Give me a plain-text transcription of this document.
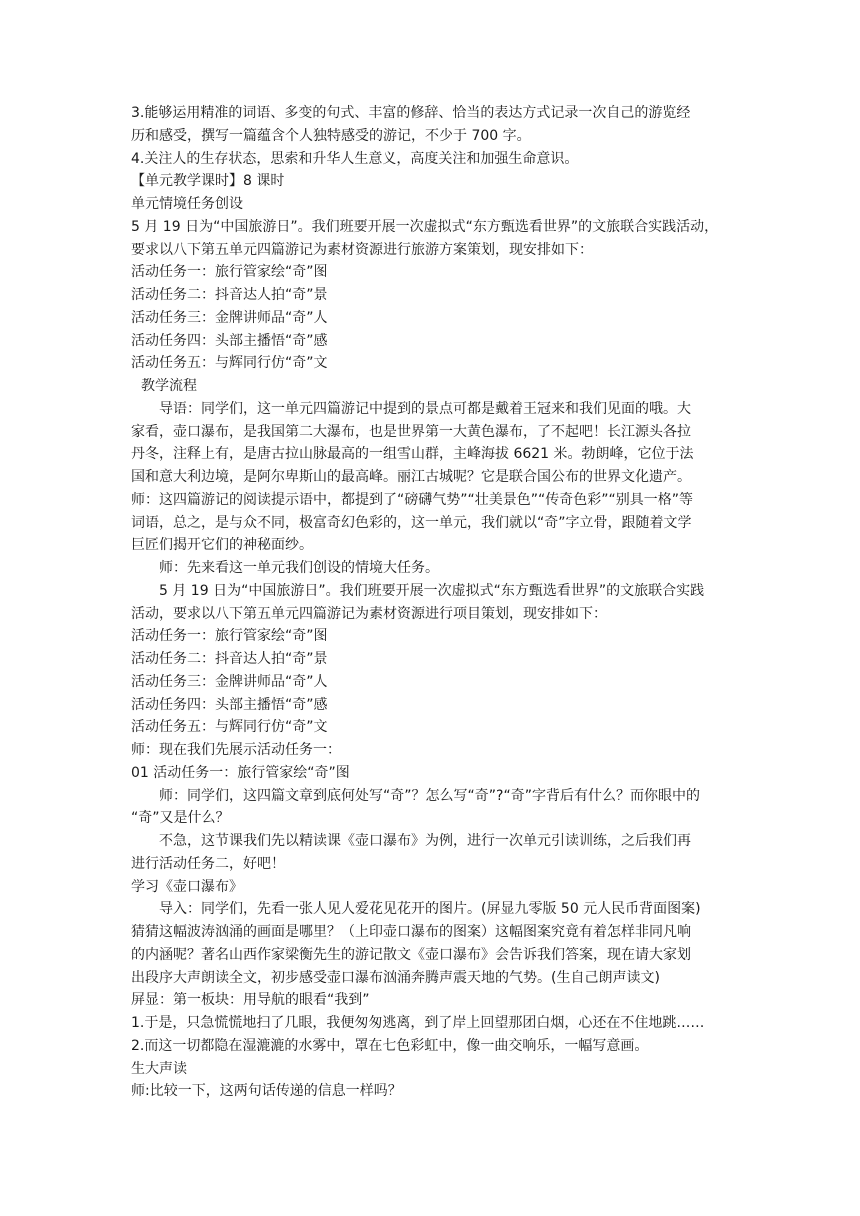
3.能够运用精准的词语、多变的句式、丰富的修辞、恰当的表达方式记录一次自己的游览经
历和感受，撰写一篇蕴含个人独特感受的游记，不少于 700 字。
4.关注人的生存状态，思索和升华人生意义，高度关注和加强生命意识。
【单元教学课时】8 课时
单元情境任务创设
5 月 19 日为“中国旅游日”。我们班要开展一次虚拟式“东方甄选看世界”的文旅联合实践活动，
要求以八下第五单元四篇游记为素材资源进行旅游方案策划，现安排如下：
活动任务一：旅行管家绘“奇”图
活动任务二：抖音达人拍“奇”景
活动任务三：金牌讲师品“奇”人
活动任务四：头部主播悟“奇”感
活动任务五：与辉同行仿“奇”文
教学流程
导语：同学们，这一单元四篇游记中提到的景点可都是戴着王冠来和我们见面的哦。大
家看，壶口瀑布，是我国第二大瀑布，也是世界第一大黄色瀑布，了不起吧！长江源头各拉
丹冬，注释上有，是唐古拉山脉最高的一组雪山群，主峰海拔 6621 米。勃朗峰，它位于法
国和意大利边境，是阿尔卑斯山的最高峰。丽江古城呢？它是联合国公布的世界文化遗产。
师：这四篇游记的阅读提示语中，都提到了“磅礴气势”“壮美景色”“传奇色彩”“别具一格”等
词语，总之，是与众不同，极富奇幻色彩的，这一单元，我们就以“奇”字立骨，跟随着文学
巨匠们揭开它们的神秘面纱。
师：先来看这一单元我们创设的情境大任务。
5 月 19 日为“中国旅游日”。我们班要开展一次虚拟式“东方甄选看世界”的文旅联合实践
活动，要求以八下第五单元四篇游记为素材资源进行项目策划，现安排如下：
活动任务一：旅行管家绘“奇”图
活动任务二：抖音达人拍“奇”景
活动任务三：金牌讲师品“奇”人
活动任务四：头部主播悟“奇”感
活动任务五：与辉同行仿“奇”文
师：现在我们先展示活动任务一：
01 活动任务一：旅行管家绘“奇”图
师：同学们，这四篇文章到底何处写“奇”？怎么写“奇”?“奇”字背后有什么？而你眼中的
“奇”又是什么？
不急，这节课我们先以精读课《壶口瀑布》为例，进行一次单元引读训练，之后我们再
进行活动任务二，好吧！
学习《壶口瀑布》
导入：同学们，先看一张人见人爱花见花开的图片。(屏显九零版 50 元人民币背面图案)
猜猜这幅波涛汹涌的画面是哪里？（上印壶口瀑布的图案）这幅图案究竟有着怎样非同凡响
的内涵呢？著名山西作家梁衡先生的游记散文《壶口瀑布》会告诉我们答案，现在请大家划
出段序大声朗读全文，初步感受壶口瀑布汹涌奔腾声震天地的气势。(生自己朗声读文)
屏显：第一板块：用导航的眼看“我到”
1.于是，只急慌慌地扫了几眼，我便匆匆逃离，到了岸上回望那团白烟，心还在不住地跳……
2.而这一切都隐在湿漉漉的水雾中，罩在七色彩虹中，像一曲交响乐，一幅写意画。
生大声读
师:比较一下，这两句话传递的信息一样吗？
